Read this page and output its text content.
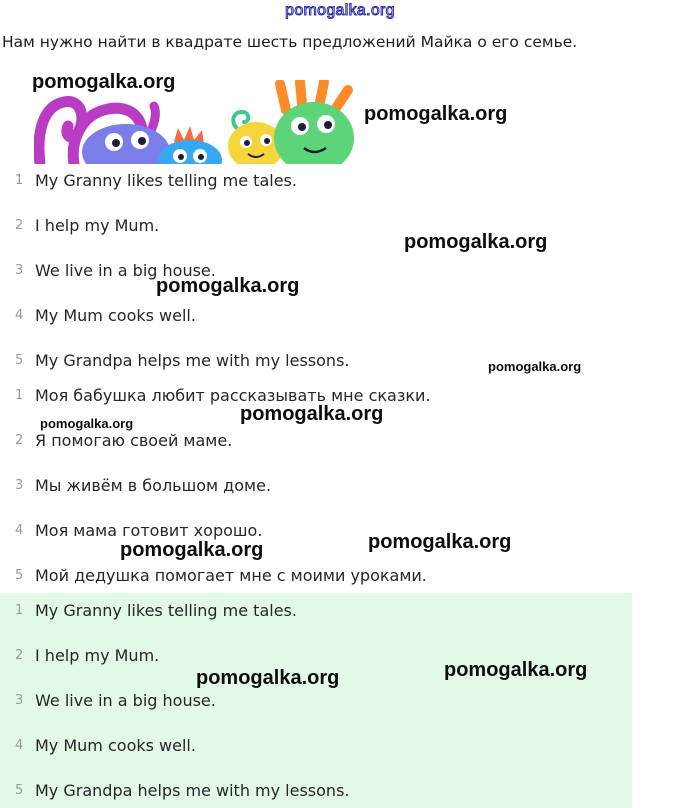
pomogalka.org
Нам нужно найти в квадрате шесть предложений Майка о его семье.
1 My Granny likes telling me tales.
2 I help my Mum.
3 We live in a big house.
4 My Mum cooks well.
5 My Grandpa helps me with my lessons.
1 Моя бабушка любит рассказывать мне сказки.
2 Я помогаю своей маме.
3 Мы живём в большом доме.
4 Моя мама готовит хорошо.
5 Мой дедушка помогает мне с моими уроками.
1 My Granny likes telling me tales.
2 I help my Mum.
3 We live in a big house.
4 My Mum cooks well.
5 My Grandpa helps me with my lessons.
pomogalka.org
pomogalka.org
pomogalka.org
pomogalka.org
pomogalka.org
pomogalka.org
pomogalka.org
pomogalka.org
pomogalka.org
pomogalka.org
pomogalka.org
